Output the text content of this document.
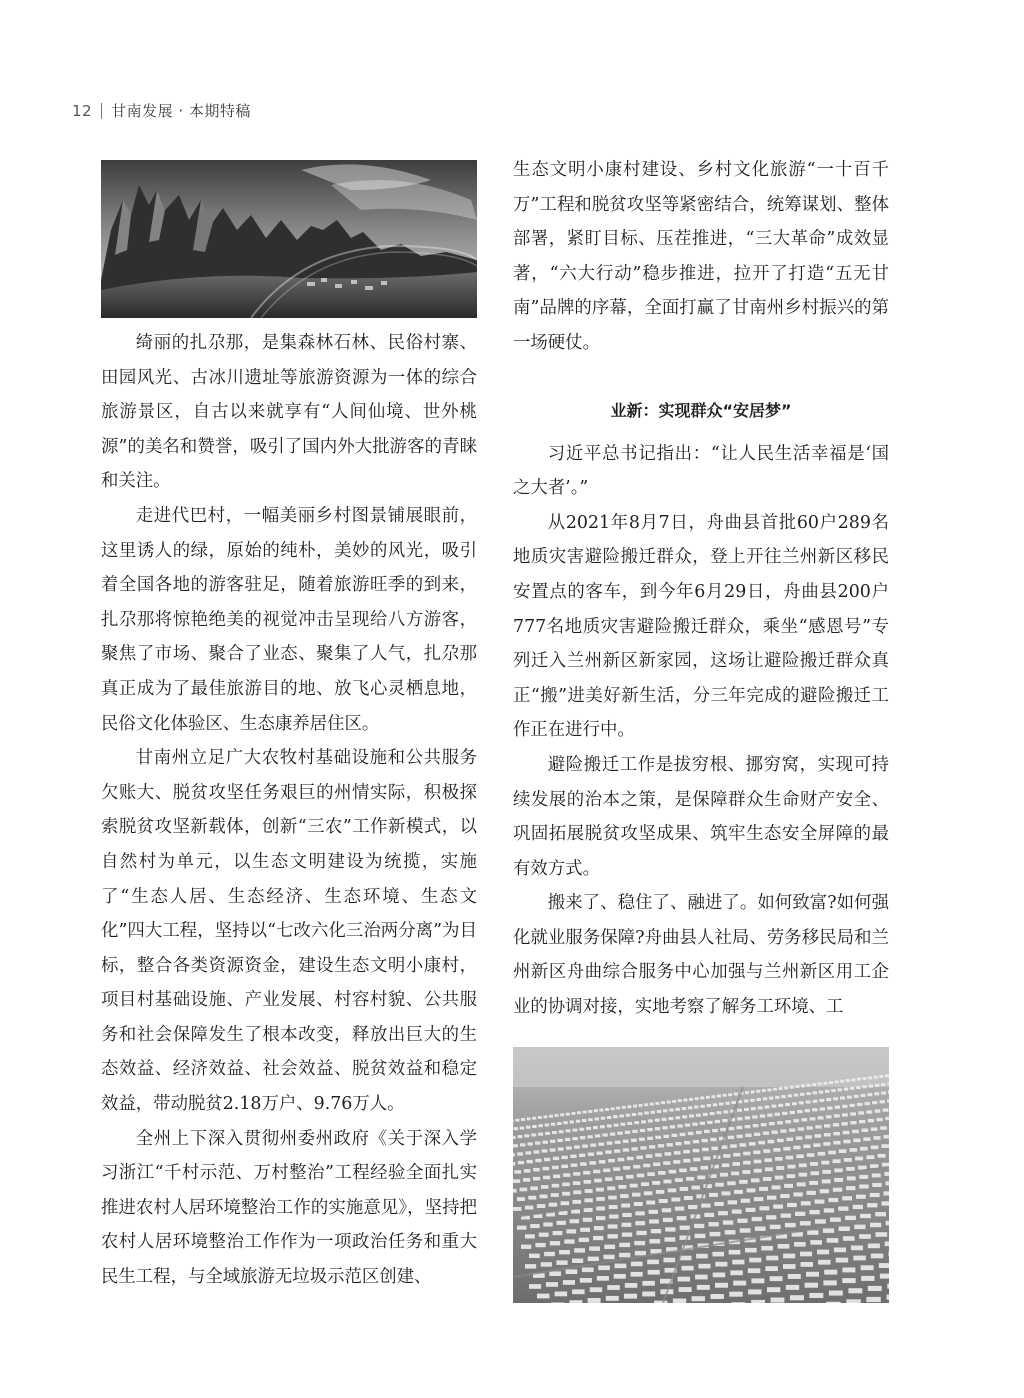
12 甘南发展 · 本期特稿

绮丽的扎尕那，是集森林石林、民俗村寨、田园风光、古冰川遗址等旅游资源为一体的综合旅游景区，自古以来就享有“人间仙境、世外桃源”的美名和赞誉，吸引了国内外大批游客的青睐和关注。

走进代巴村，一幅美丽乡村图景铺展眼前，这里诱人的绿，原始的纯朴，美妙的风光，吸引着全国各地的游客驻足，随着旅游旺季的到来，扎尕那将惊艳绝美的视觉冲击呈现给八方游客，聚焦了市场、聚合了业态、聚集了人气，扎尕那真正成为了最佳旅游目的地、放飞心灵栖息地，民俗文化体验区、生态康养居住区。

甘南州立足广大农牧村基础设施和公共服务欠账大、脱贫攻坚任务艰巨的州情实际，积极探索脱贫攻坚新载体，创新“三农”工作新模式，以自然村为单元，以生态文明建设为统揽，实施了“生态人居、生态经济、生态环境、生态文化”四大工程，坚持以“七改六化三治两分离”为目标，整合各类资源资金，建设生态文明小康村，项目村基础设施、产业发展、村容村貌、公共服务和社会保障发生了根本改变，释放出巨大的生态效益、经济效益、社会效益、脱贫效益和稳定效益，带动脱贫2.18万户、9.76万人。

全州上下深入贯彻州委州政府《关于深入学习浙江“千村示范、万村整治”工程经验全面扎实推进农村人居环境整治工作的实施意见》，坚持把农村人居环境整治工作作为一项政治任务和重大民生工程，与全域旅游无垃圾示范区创建、

生态文明小康村建设、乡村文化旅游“一十百千万”工程和脱贫攻坚等紧密结合，统筹谋划、整体部署，紧盯目标、压茬推进，“三大革命”成效显著，“六大行动”稳步推进，拉开了打造“五无甘南”品牌的序幕，全面打赢了甘南州乡村振兴的第一场硬仗。

业新：实现群众“安居梦”

习近平总书记指出：“让人民生活幸福是‘国之大者’。”

从2021年8月7日，舟曲县首批60户289名地质灾害避险搬迁群众，登上开往兰州新区移民安置点的客车，到今年6月29日，舟曲县200户777名地质灾害避险搬迁群众，乘坐“感恩号”专列迁入兰州新区新家园，这场让避险搬迁群众真正“搬”进美好新生活，分三年完成的避险搬迁工作正在进行中。

避险搬迁工作是拔穷根、挪穷窝，实现可持续发展的治本之策，是保障群众生命财产安全、巩固拓展脱贫攻坚成果、筑牢生态安全屏障的最有效方式。

搬来了、稳住了、融进了。如何致富?如何强化就业服务保障?舟曲县人社局、劳务移民局和兰州新区舟曲综合服务中心加强与兰州新区用工企业的协调对接，实地考察了解务工环境、工
